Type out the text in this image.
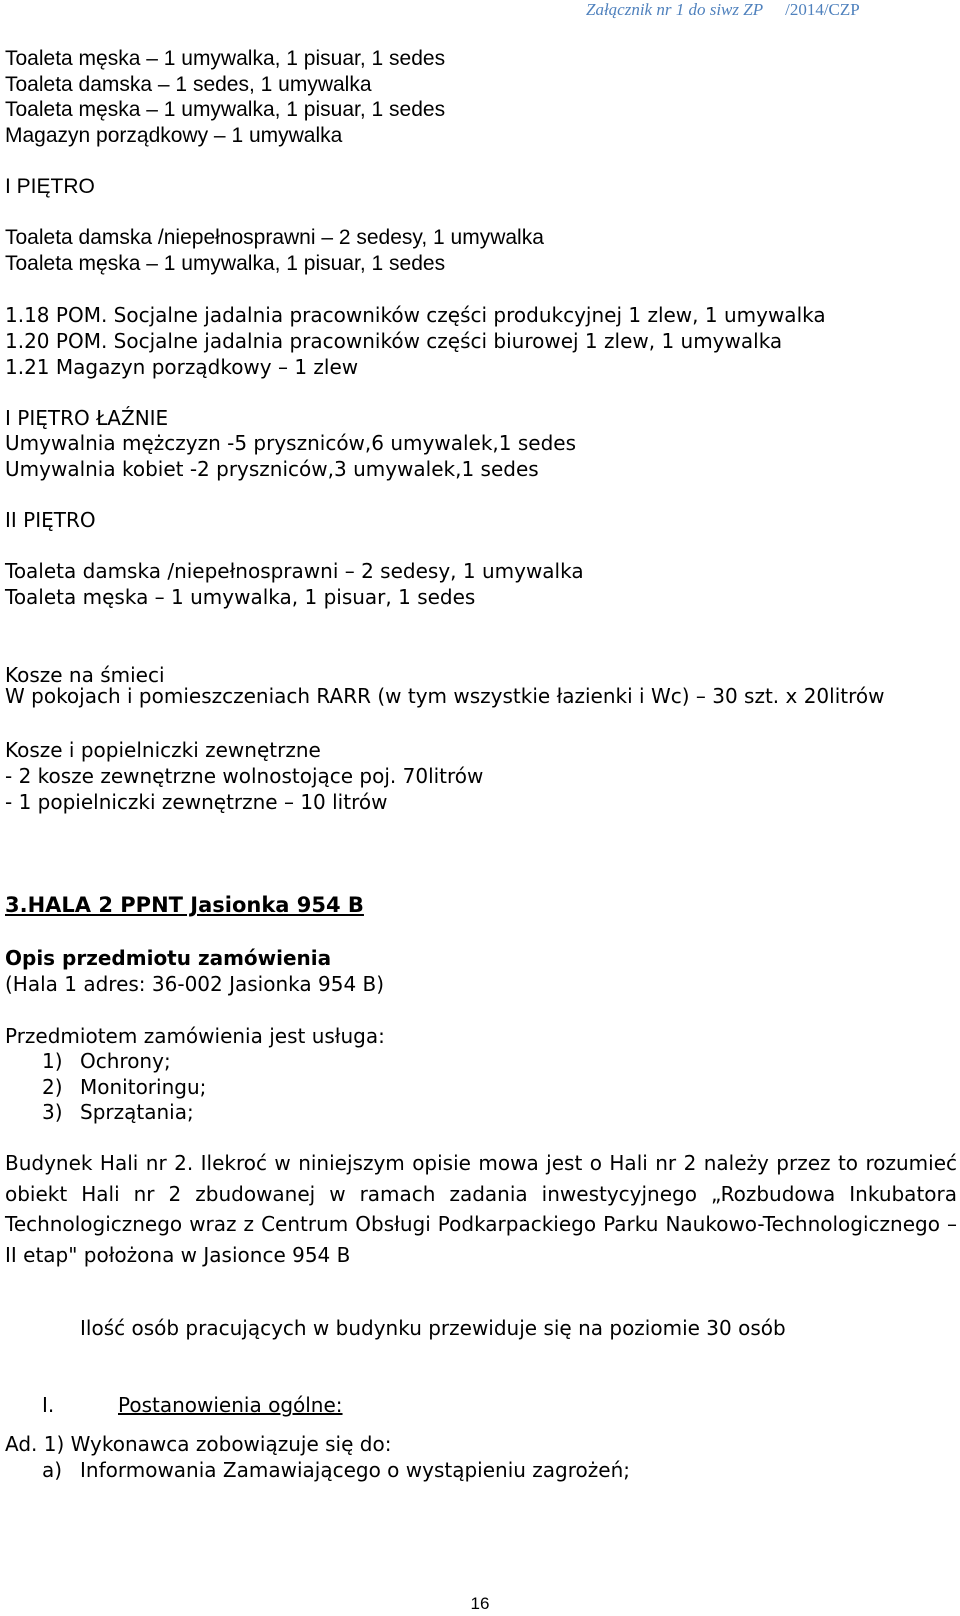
Załącznik nr 1 do siwz ZP /2014/CZP
Toaleta męska – 1 umywalka, 1 pisuar, 1 sedes
Toaleta damska – 1 sedes, 1 umywalka
Toaleta męska – 1 umywalka, 1 pisuar, 1 sedes
Magazyn porządkowy – 1 umywalka
I PIĘTRO
Toaleta damska /niepełnosprawni – 2 sedesy, 1 umywalka
Toaleta męska – 1 umywalka, 1 pisuar, 1 sedes
1.18 POM. Socjalne jadalnia pracowników części produkcyjnej 1 zlew, 1 umywalka
1.20 POM. Socjalne jadalnia pracowników części biurowej 1 zlew, 1 umywalka
1.21 Magazyn porządkowy – 1 zlew
I PIĘTRO ŁAŹNIE
Umywalnia mężczyzn -5 pryszniców,6 umywalek,1 sedes
Umywalnia kobiet -2 pryszniców,3 umywalek,1 sedes
II PIĘTRO
Toaleta damska /niepełnosprawni – 2 sedesy, 1 umywalka
Toaleta męska – 1 umywalka, 1 pisuar, 1 sedes
Kosze na śmieci
W pokojach i pomieszczeniach RARR (w tym wszystkie łazienki i Wc) – 30 szt. x 20litrów
Kosze i popielniczki zewnętrzne
- 2 kosze zewnętrzne wolnostojące poj. 70litrów
- 1 popielniczki zewnętrzne – 10 litrów
3.HALA 2 PPNT Jasionka 954 B
Opis przedmiotu zamówienia
(Hala 1 adres: 36-002 Jasionka 954 B)
Przedmiotem zamówienia jest usługa:
1) Ochrony;
2) Monitoringu;
3) Sprzątania;
Budynek Hali nr 2. Ilekroć w niniejszym opisie mowa jest o Hali nr 2 należy przez to rozumieć obiekt Hali nr 2 zbudowanej w ramach zadania inwestycyjnego „Rozbudowa Inkubatora Technologicznego wraz z Centrum Obsługi Podkarpackiego Parku Naukowo-Technologicznego – II etap" położona w Jasionce 954 B
Ilość osób pracujących w budynku przewiduje się na poziomie 30 osób
I.	Postanowienia ogólne:
Ad. 1) Wykonawca zobowiązuje się do:
a) Informowania Zamawiającego o wystąpieniu zagrożeń;
16
